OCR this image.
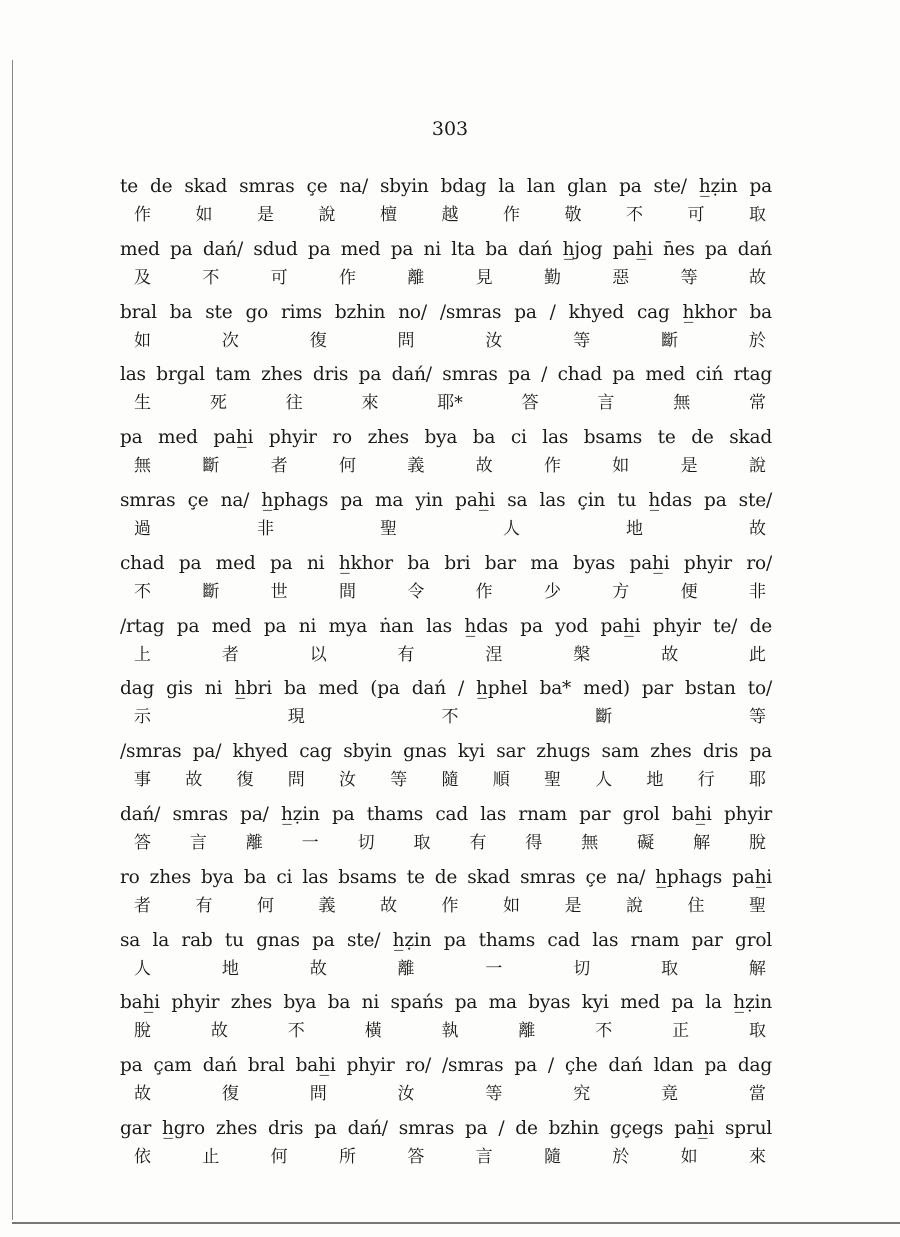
303
te de skad smras çe na/ sbyin bdag la lan glan pa ste/ h̲ẓin pa
作	如	是	說	檀	越	作	敬	不	可	取
med pa dań/ sdud pa med pa ni lta ba dań h̲jog pah̲i n̄es pa dań
及	不	可	作	離	見	勤	惡	等	故
bral ba ste go rims bzhin no/ /smras pa / khyed cag h̲khor ba
如	次	復	問	汝	等	斷	於
las brgal tam zhes dris pa dań/ smras pa / chad pa med ciń rtag
生	死	往	來	耶*	答	言	無	常
pa med pah̲i phyir ro zhes bya ba ci las bsams te de skad
無	斷	者	何	義	故	作	如	是	說
smras çe na/ h̲phags pa ma yin pah̲i sa las çin tu h̲das pa ste/
過	非	聖	人	地	故
chad pa med pa ni h̲khor ba bri bar ma byas pah̲i phyir ro/
不	斷	世	間	令	作	少	方	便	非
/rtag pa med pa ni mya ṅan las h̲das pa yod pah̲i phyir te/ de
上	者	以	有	涅	槃	故	此
dag gis ni h̲bri ba med (pa dań / h̲phel ba* med) par bstan to/
示	現	不	斷	等
/smras pa/ khyed cag sbyin gnas kyi sar zhugs sam zhes dris pa
事 故 復 問 汝 等 隨 順 聖 人 地 行 耶
dań/ smras pa/ h̲ẓin pa thams cad las rnam par grol bah̲i phyir
答 言 離 一 切 取 有 得 無 礙 解 脫
ro zhes bya ba ci las bsams te de skad smras çe na/ h̲phags pah̲i
者	有	何	義	故	作	如	是	說	住	聖
sa la rab tu gnas pa ste/ h̲ẓin pa thams cad las rnam par grol
人	地	故	離	一	切	取	解
bah̲i phyir zhes bya ba ni spańs pa ma byas kyi med pa la h̲ẓin
脫	故	不	橫	執	離	不	正	取
pa çam dań bral bah̲i phyir ro/ /smras pa / çhe dań ldan pa dag
故	復	問	汝	等	究	竟	當
gar h̲gro zhes dris pa dań/ smras pa / de bzhin gçegs pah̲i sprul
依	止	何	所	答	言	隨	於	如	來
